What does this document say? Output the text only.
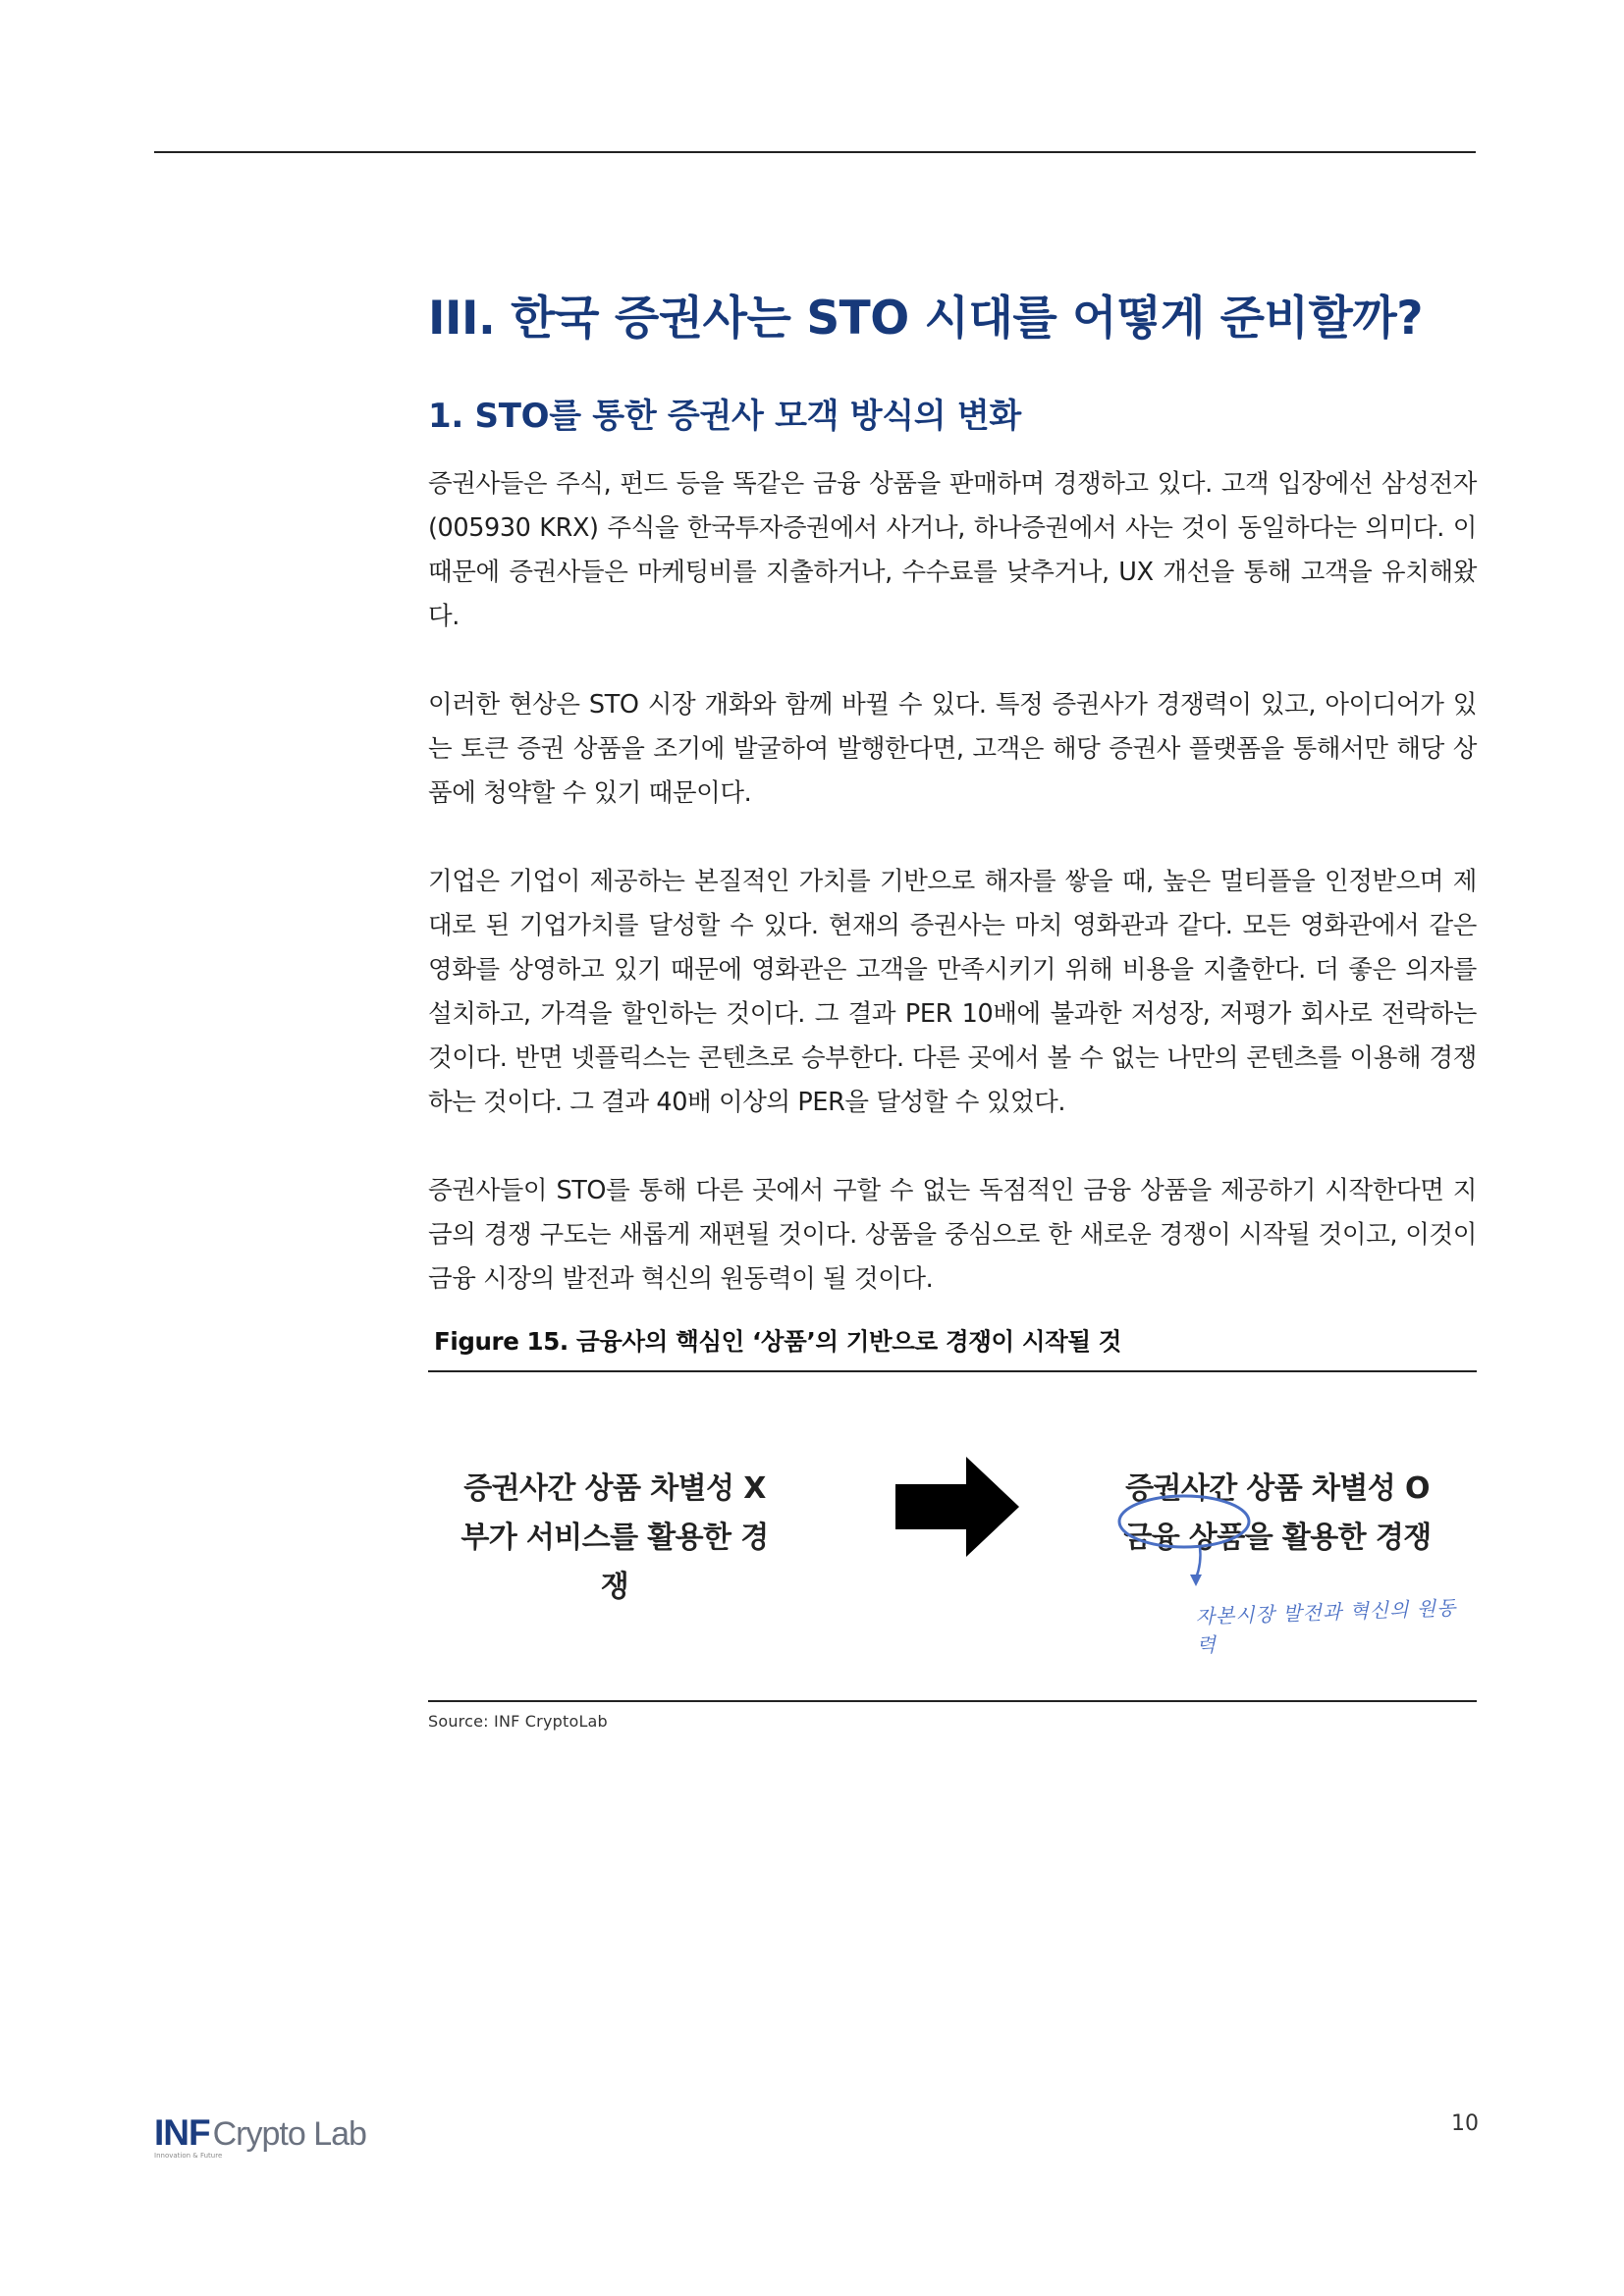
III. 한국 증권사는 STO 시대를 어떻게 준비할까?
1. STO를 통한 증권사 모객 방식의 변화

증권사들은 주식, 펀드 등을 똑같은 금융 상품을 판매하며 경쟁하고 있다. 고객 입장에선 삼성전자(005930 KRX) 주식을 한국투자증권에서 사거나, 하나증권에서 사는 것이 동일하다는 의미다. 이 때문에 증권사들은 마케팅비를 지출하거나, 수수료를 낮추거나, UX 개선을 통해 고객을 유치해왔다.

이러한 현상은 STO 시장 개화와 함께 바뀔 수 있다. 특정 증권사가 경쟁력이 있고, 아이디어가 있는 토큰 증권 상품을 조기에 발굴하여 발행한다면, 고객은 해당 증권사 플랫폼을 통해서만 해당 상품에 청약할 수 있기 때문이다.

기업은 기업이 제공하는 본질적인 가치를 기반으로 해자를 쌓을 때, 높은 멀티플을 인정받으며 제대로 된 기업가치를 달성할 수 있다. 현재의 증권사는 마치 영화관과 같다. 모든 영화관에서 같은 영화를 상영하고 있기 때문에 영화관은 고객을 만족시키기 위해 비용을 지출한다. 더 좋은 의자를 설치하고, 가격을 할인하는 것이다. 그 결과 PER 10배에 불과한 저성장, 저평가 회사로 전락하는 것이다. 반면 넷플릭스는 콘텐츠로 승부한다. 다른 곳에서 볼 수 없는 나만의 콘텐츠를 이용해 경쟁하는 것이다. 그 결과 40배 이상의 PER을 달성할 수 있었다.

증권사들이 STO를 통해 다른 곳에서 구할 수 없는 독점적인 금융 상품을 제공하기 시작한다면 지금의 경쟁 구도는 새롭게 재편될 것이다. 상품을 중심으로 한 새로운 경쟁이 시작될 것이고, 이것이 금융 시장의 발전과 혁신의 원동력이 될 것이다.

Figure 15. 금융사의 핵심인 ‘상품’의 기반으로 경쟁이 시작될 것
증권사간 상품 차별성 X
부가 서비스를 활용한 경쟁
증권사간 상품 차별성 O
금융 상품을 활용한 경쟁
자본시장 발전과 혁신의 원동력
Source: INF CryptoLab
INFCrypto Lab
Innovation & Future
10
